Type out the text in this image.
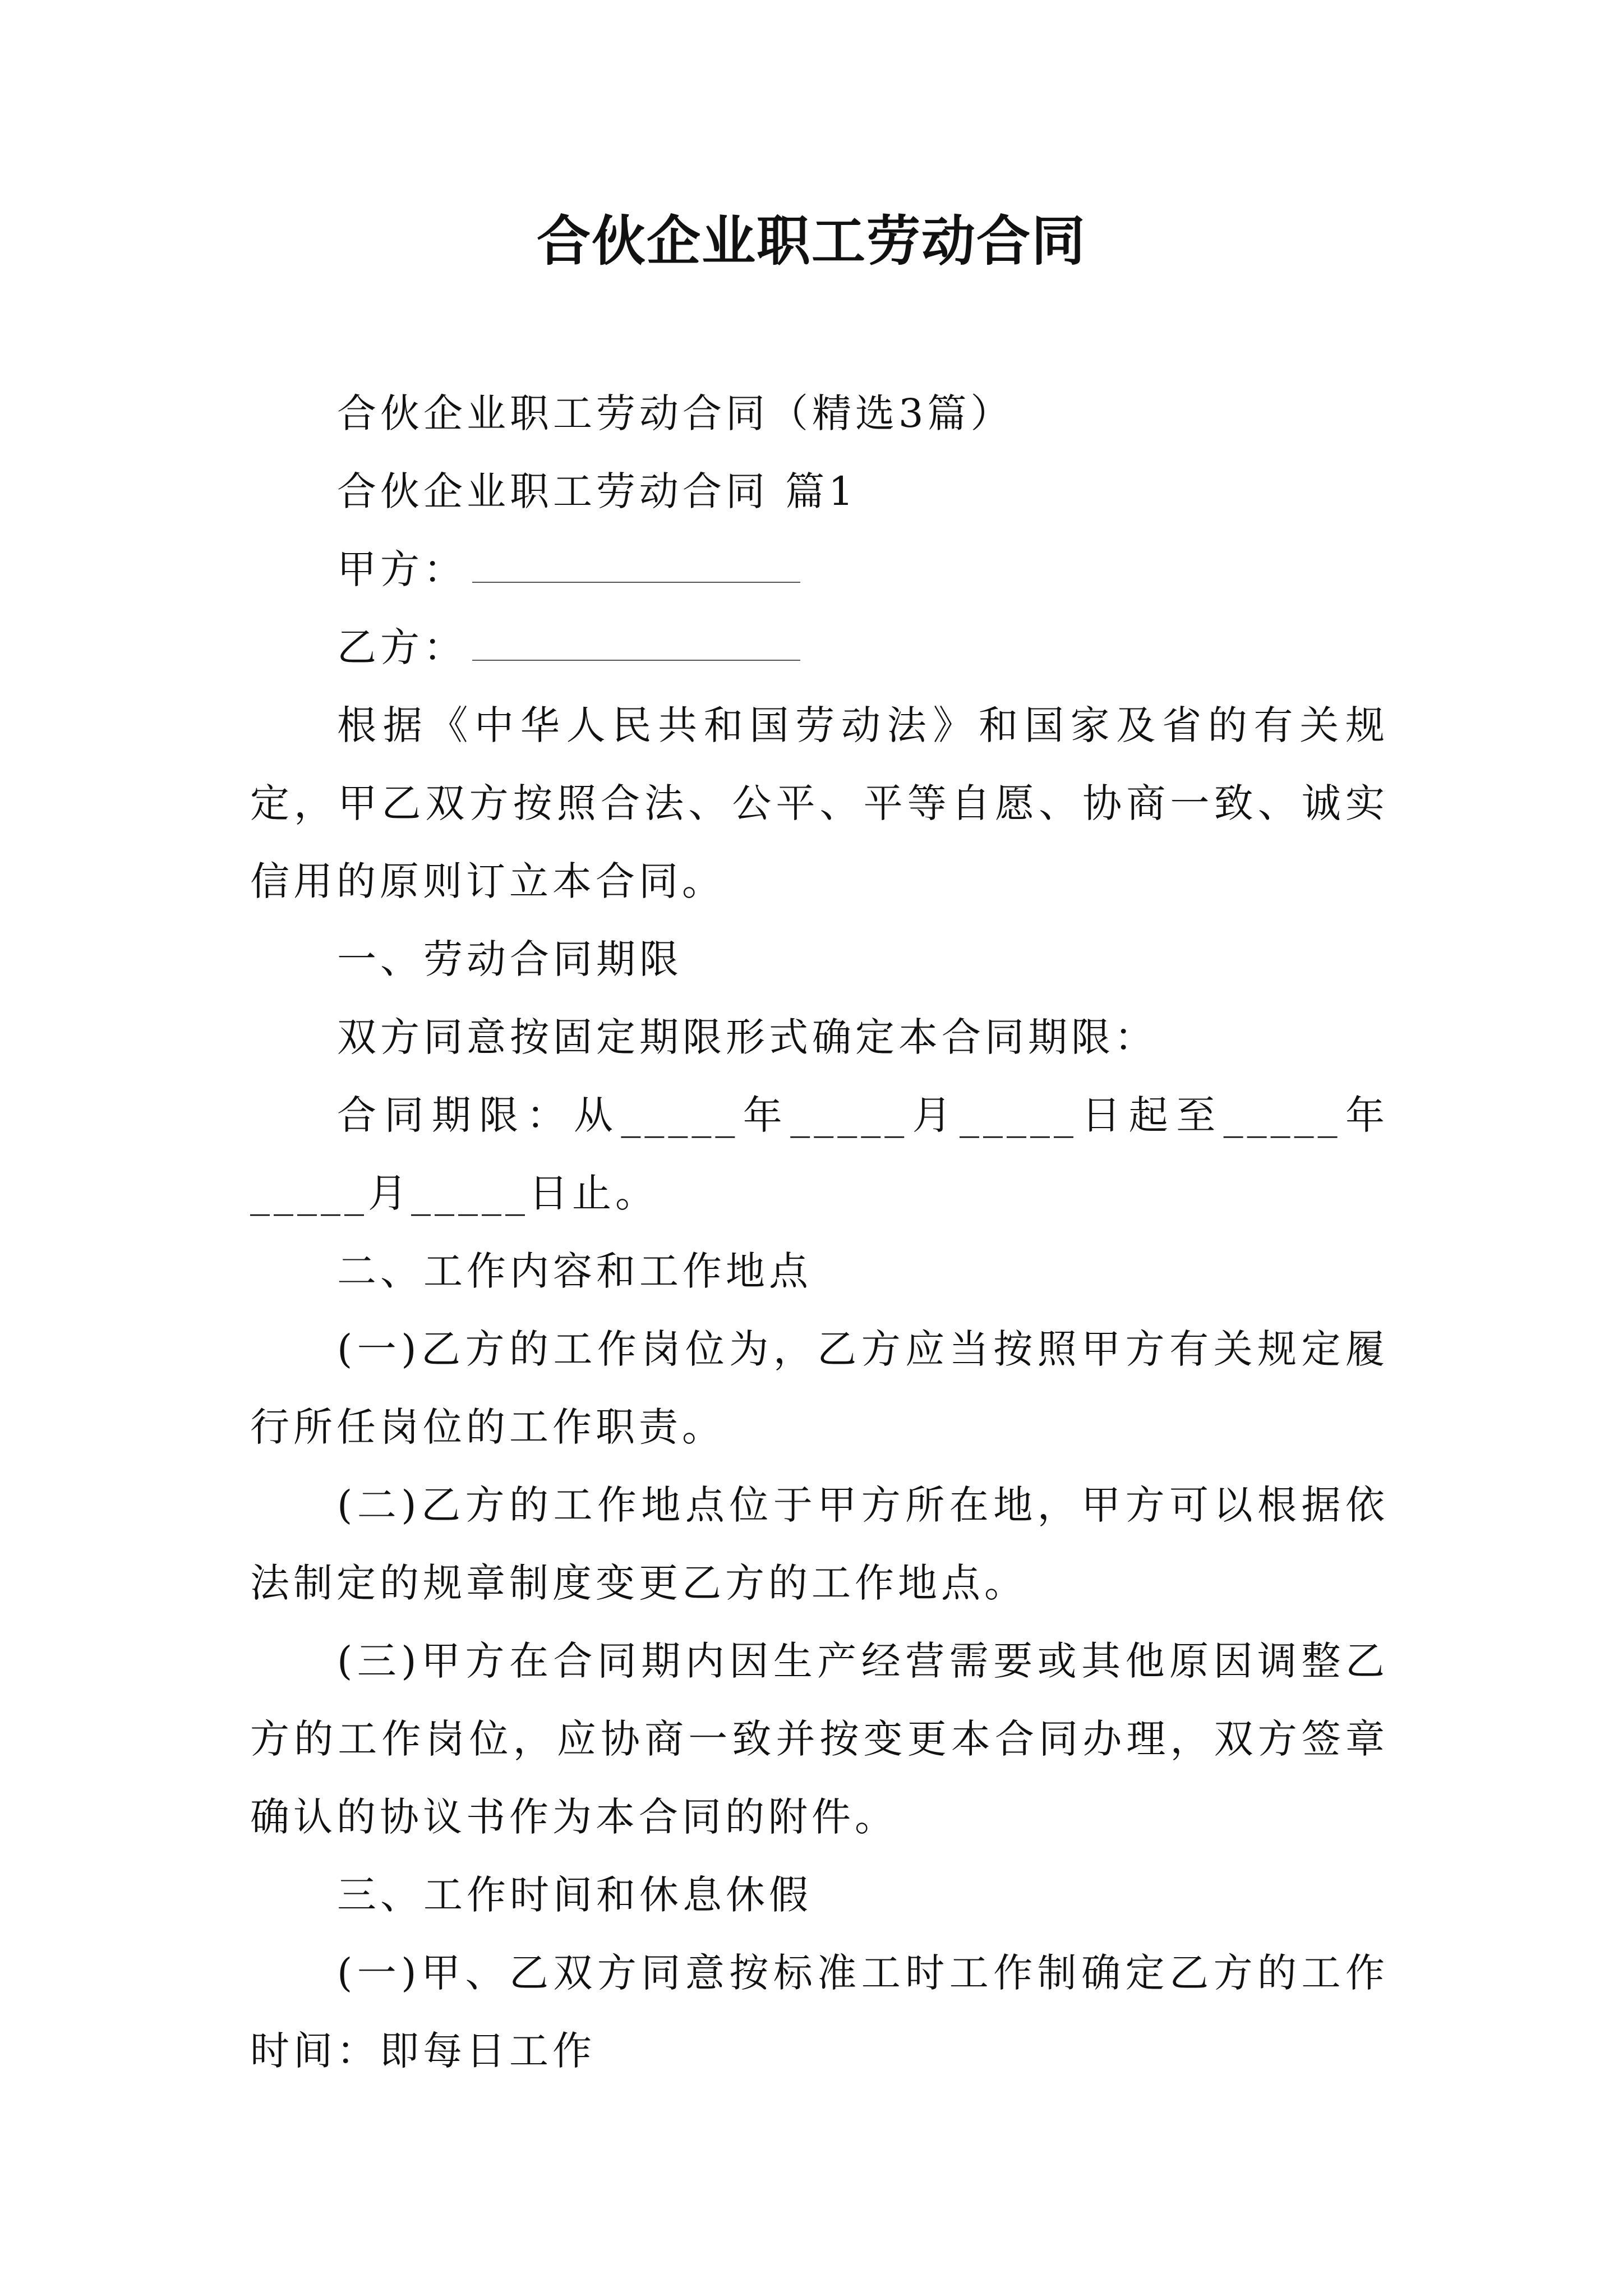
合伙企业职工劳动合同

合伙企业职工劳动合同（精选3篇）

合伙企业职工劳动合同 篇1

甲方：

乙方：

根据《中华人民共和国劳动法》和国家及省的有关规定，甲乙双方按照合法、公平、平等自愿、协商一致、诚实信用的原则订立本合同。

一、劳动合同期限

双方同意按固定期限形式确定本合同期限：

合同期限：从_____年_____月_____日起至_____年_____月_____日止。

二、工作内容和工作地点

(一)乙方的工作岗位为，乙方应当按照甲方有关规定履行所任岗位的工作职责。

(二)乙方的工作地点位于甲方所在地，甲方可以根据依法制定的规章制度变更乙方的工作地点。

(三)甲方在合同期内因生产经营需要或其他原因调整乙方的工作岗位，应协商一致并按变更本合同办理，双方签章确认的协议书作为本合同的附件。

三、工作时间和休息休假

(一)甲、乙双方同意按标准工时工作制确定乙方的工作时间：即每日工作
